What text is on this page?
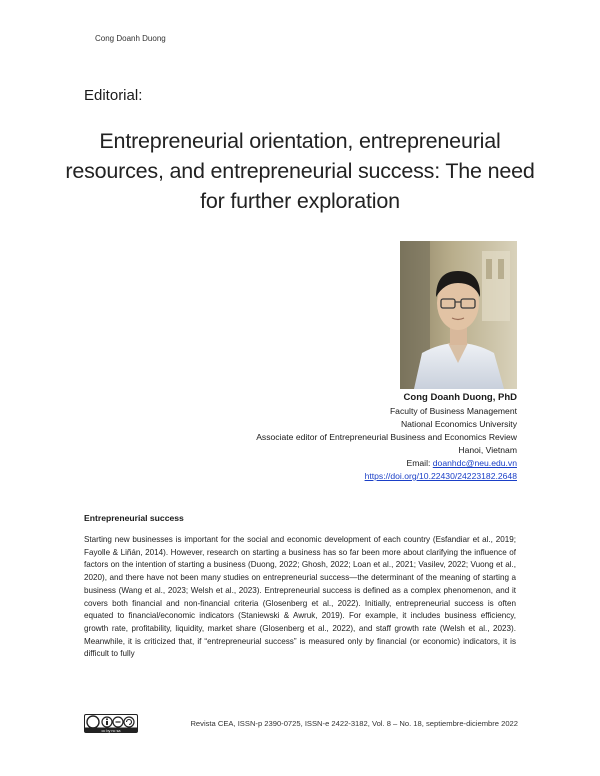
Cong Doanh Duong
Editorial:
Entrepreneurial orientation, entrepreneurial resources, and entrepreneurial success: The need for further exploration
Cong Doanh Duong, PhD
Faculty of Business Management
National Economics University
Associate editor of Entrepreneurial Business and Economics Review
Hanoi, Vietnam
Email: doanhdc@neu.edu.vn
https://doi.org/10.22430/24223182.2648
Entrepreneurial success
Starting new businesses is important for the social and economic development of each country (Esfandiar et al., 2019; Fayolle & Liñán, 2014). However, research on starting a business has so far been more about clarifying the influence of factors on the intention of starting a business (Duong, 2022; Ghosh, 2022; Loan et al., 2021; Vasilev, 2022; Vuong et al., 2020), and there have not been many studies on entrepreneurial success—the determinant of the meaning of starting a business (Wang et al., 2023; Welsh et al., 2023). Entrepreneurial success is defined as a complex phenomenon, and it covers both financial and non-financial criteria (Glosenberg et al., 2022). Initially, entrepreneurial success is often equated to financial/economic indicators (Staniewski & Awruk, 2019). For example, it includes business efficiency, growth rate, profitability, liquidity, market share (Glosenberg et al., 2022), and staff growth rate (Welsh et al., 2023). Meanwhile, it is criticized that, if “entrepreneurial success” is measured only by financial (or economic) indicators, it is difficult to fully
cc by nc sa
Revista CEA, ISSN-p 2390-0725, ISSN-e 2422-3182, Vol. 8 – No. 18, septiembre-diciembre 2022
